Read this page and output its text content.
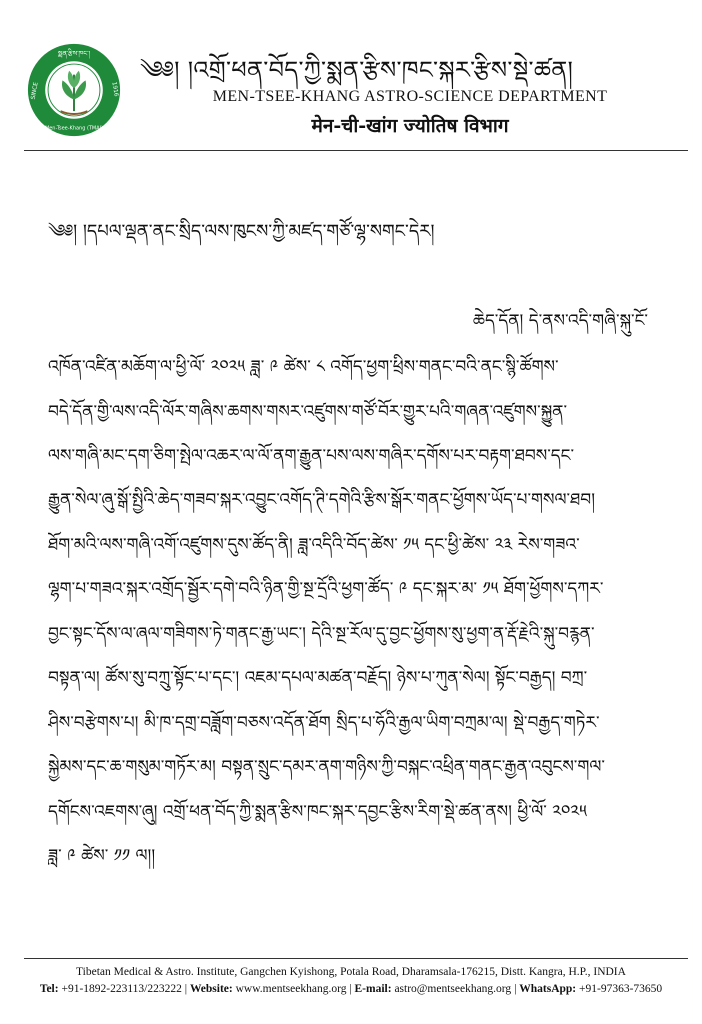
སྨན་རྩིས་ཁང་།
SINCE	1916
Men-Tsee-Khang (TMAI)
༄༅། །འགྲོ་ཕན་བོད་ཀྱི་སྨན་རྩིས་ཁང་སྐར་རྩིས་སྡེ་ཚན།
MEN-TSEE-KHANG ASTRO-SCIENCE DEPARTMENT
मेन-ची-खांग ज्योतिष विभाग
༄༅། །དཔལ་ལྡན་ནང་སྲིད་ལས་ཁུངས་ཀྱི་མཛད་གཙོ་ལྷ་སགང་དེར།
ཆེད་དོན། དེ་ནས་འདི་གཞི་སྐུ་ངོ་
འཁོན་འཛིན་མཆོག་ལ་ཕྱི་ལོ་ ༢༠༢༥ ཟླ་ ༩ ཚེས་ ༨ འགོད་ཕྱག་ཕྲིས་གནང་བའི་ནང་སྙི་ཚོགས་
བདེ་དོན་གྱི་ལས་འདི་ལོར་གཞིས་ཆགས་གསར་འཛུགས་གཙོ་བོར་གྱུར་པའི་གཞན་འཛུགས་སྐྱུན་
ལས་གཞི་མང་དག་ཅིག་སྤེལ་འཆར་ལ་ལོ་ནག་རྒྱུན་པས་ལས་གཞིར་དགོས་པར་བརྟག་ཐབས་དང་
རྒྱུན་སེལ་ཞུ་སྒོ་སྤྱིའི་ཆེད་གཟབ་སྐར་འབྱུང་འགོད་ཊི་དགེའི་རྩིས་སྒོར་གནང་ཕྱོགས་ཡོད་པ་གསལ་ཐབ།
ཐོག་མའི་ལས་གཞི་འགོ་འཛུགས་དུས་ཚོད་ནི། ཟླ་འདིའི་བོད་ཚེས་ ༡༥ དང་ཕྱི་ཚེས་ ༢༣ རེས་གཟའ་
ལྷག་པ་གཟའ་སྐར་འགྲོད་སྦྱོར་དགེ་བའི་ཉིན་གྱི་སྔ་དྲོའི་ཕྱག་ཚོད་ ༩ དང་སྐར་མ་ ༡༥ ཐོག་ཕྱོགས་དཀར་
བྱང་སྟང་དོས་ལ་ཞལ་གཟིགས་ཏེ་གནང་རྒྱ་ཡང་། དེའི་སྔ་རོལ་དུ་བྱང་ཕྱོགས་སུ་ཕྱག་ན་རྡོ་རྗེའི་སྐུ་བརྙན་
བསྟན་ལ། ཚོས་སུ་བཀྲུ་སྟོང་པ་དང་། འཇམ་དཔལ་མཚན་བརྗོད། ཉེས་པ་ཀུན་སེལ། སྟོང་བརྒྱད། བཀྲ་
ཤིས་བརྩེགས་པ། མི་ཁ་དགྲ་བཟློག་བཅས་འདོན་ཐོག སྲིད་པ་ཧོའི་རྒྱལ་ཡིག་བཀྲམ་ལ། སྡེ་བརྒྱད་གཏེར་
སྐྱེམས་དང་ཆ་གསུམ་གཏོར་མ། བསྟན་སྲུང་དམར་ནག་གཉིས་ཀྱི་བསྐང་འཕྲིན་གནང་རྒྱན་འབུངས་གལ་
དགོངས་འཇགས་ཞུ། འགྲོ་ཕན་བོད་ཀྱི་སྨན་རྩིས་ཁང་སྐར་དབྱང་རྩིས་རིག་སྡེ་ཚན་ནས། ཕྱི་ལོ་ ༢༠༢༥
ཟླ་ ༩ ཚེས་ ༡༡ ལ།།
Tibetan Medical & Astro. Institute, Gangchen Kyishong, Potala Road, Dharamsala-176215, Distt. Kangra, H.P., INDIA
Tel: +91-1892-223113/223222 | Website: www.mentseekhang.org | E-mail: astro@mentseekhang.org | WhatsApp: +91-97363-73650
